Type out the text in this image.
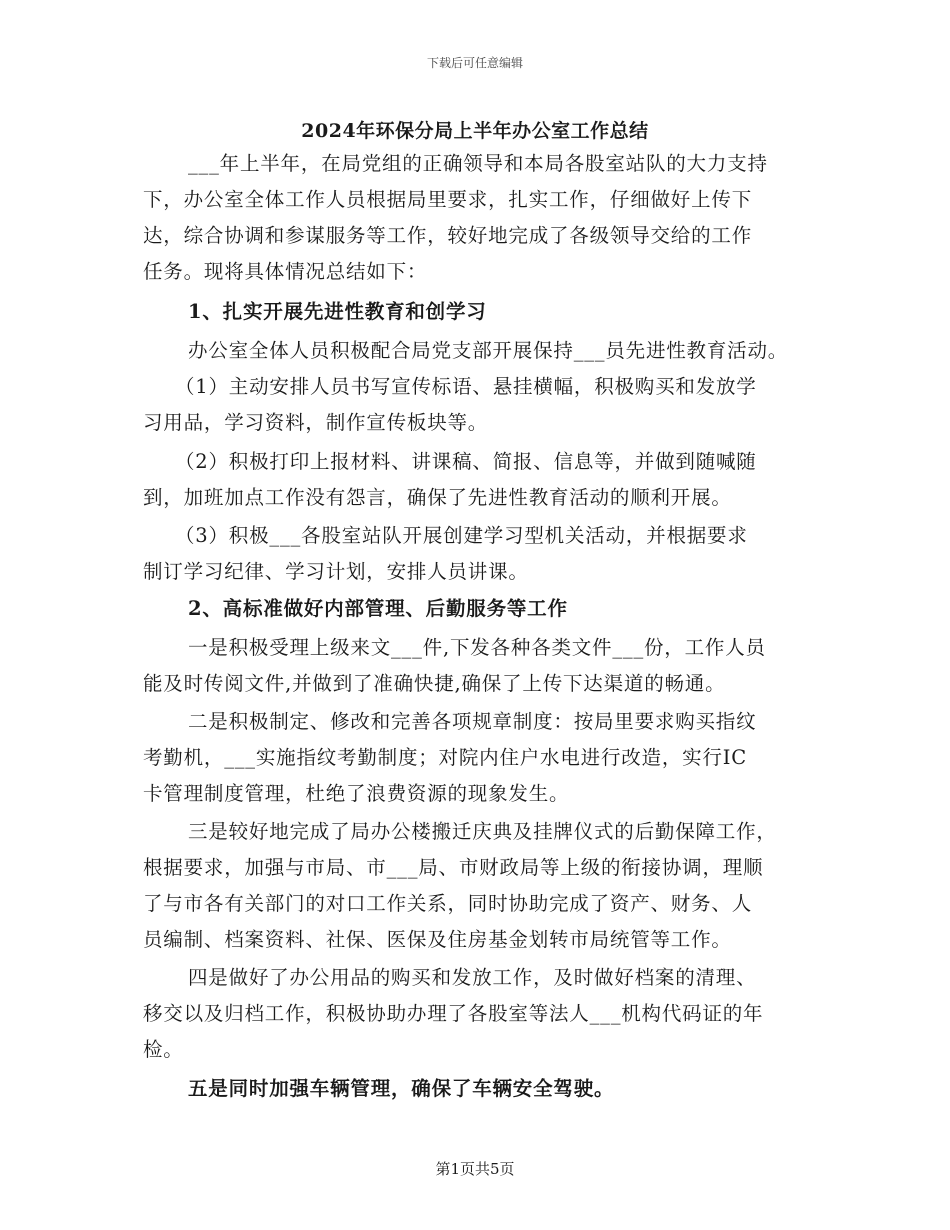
下载后可任意编辑
2024年环保分局上半年办公室工作总结
___年上半年，在局党组的正确领导和本局各股室站队的大力支持
下，办公室全体工作人员根据局里要求，扎实工作，仔细做好上传下
达，综合协调和参谋服务等工作，较好地完成了各级领导交给的工作
任务。现将具体情况总结如下：
1、扎实开展先进性教育和创学习
办公室全体人员积极配合局党支部开展保持___员先进性教育活动。
（1）主动安排人员书写宣传标语、悬挂横幅，积极购买和发放学
习用品，学习资料，制作宣传板块等。
（2）积极打印上报材料、讲课稿、简报、信息等，并做到随喊随
到，加班加点工作没有怨言，确保了先进性教育活动的顺利开展。
（3）积极___各股室站队开展创建学习型机关活动，并根据要求
制订学习纪律、学习计划，安排人员讲课。
2、高标准做好内部管理、后勤服务等工作
一是积极受理上级来文___件,下发各种各类文件___份，工作人员
能及时传阅文件,并做到了准确快捷,确保了上传下达渠道的畅通。
二是积极制定、修改和完善各项规章制度：按局里要求购买指纹
考勤机，___实施指纹考勤制度；对院内住户水电进行改造，实行IC
卡管理制度管理，杜绝了浪费资源的现象发生。
三是较好地完成了局办公楼搬迁庆典及挂牌仪式的后勤保障工作，
根据要求，加强与市局、市___局、市财政局等上级的衔接协调，理顺
了与市各有关部门的对口工作关系，同时协助完成了资产、财务、人
员编制、档案资料、社保、医保及住房基金划转市局统管等工作。
四是做好了办公用品的购买和发放工作，及时做好档案的清理、
移交以及归档工作，积极协助办理了各股室等法人___机构代码证的年
检。
五是同时加强车辆管理，确保了车辆安全驾驶。
第1页共5页
